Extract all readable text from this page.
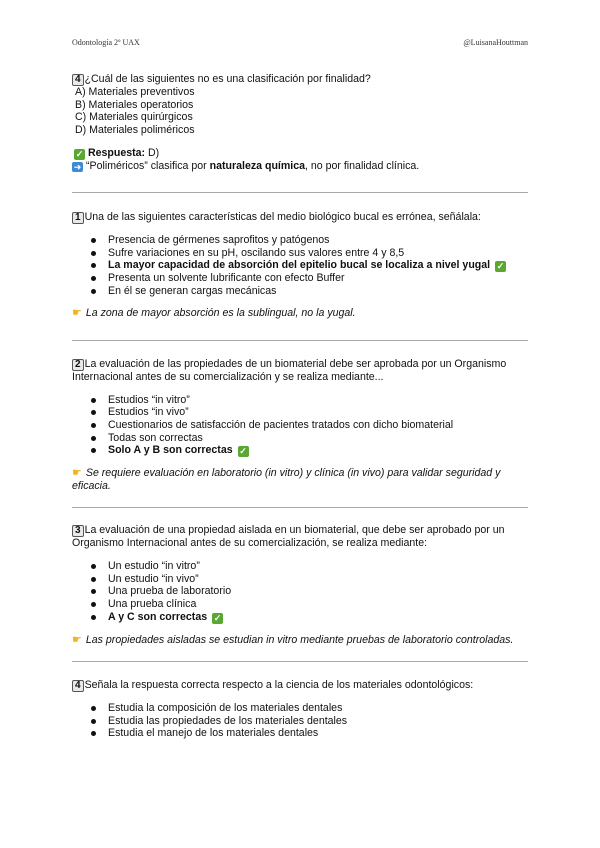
Odontología 2º UAX	@LuisanaHouttman
4 ¿Cuál de las siguientes no es una clasificación por finalidad?
A) Materiales preventivos
B) Materiales operatorios
C) Materiales quirúrgicos
D) Materiales poliméricos
✓ Respuesta: D)
➜ “Poliméricos” clasifica por naturaleza química, no por finalidad clínica.
1 Una de las siguientes características del medio biológico bucal es errónea, señálala:
Presencia de gérmenes saprofitos y patógenos
Sufre variaciones en su pH, oscilando sus valores entre 4 y 8,5
La mayor capacidad de absorción del epitelio bucal se localiza a nivel yugal ✓
Presenta un solvente lubrificante con efecto Buffer
En él se generan cargas mecánicas
☛ La zona de mayor absorción es la sublingual, no la yugal.
2 La evaluación de las propiedades de un biomaterial debe ser aprobada por un Organismo Internacional antes de su comercialización y se realiza mediante...
Estudios “in vitro”
Estudios “in vivo”
Cuestionarios de satisfacción de pacientes tratados con dicho biomaterial
Todas son correctas
Solo A y B son correctas ✓
☛ Se requiere evaluación en laboratorio (in vitro) y clínica (in vivo) para validar seguridad y eficacia.
3 La evaluación de una propiedad aislada en un biomaterial, que debe ser aprobado por un Organismo Internacional antes de su comercialización, se realiza mediante:
Un estudio “in vitro”
Un estudio “in vivo”
Una prueba de laboratorio
Una prueba clínica
A y C son correctas ✓
☛ Las propiedades aisladas se estudian in vitro mediante pruebas de laboratorio controladas.
4 Señala la respuesta correcta respecto a la ciencia de los materiales odontológicos:
Estudia la composición de los materiales dentales
Estudia las propiedades de los materiales dentales
Estudia el manejo de los materiales dentales
